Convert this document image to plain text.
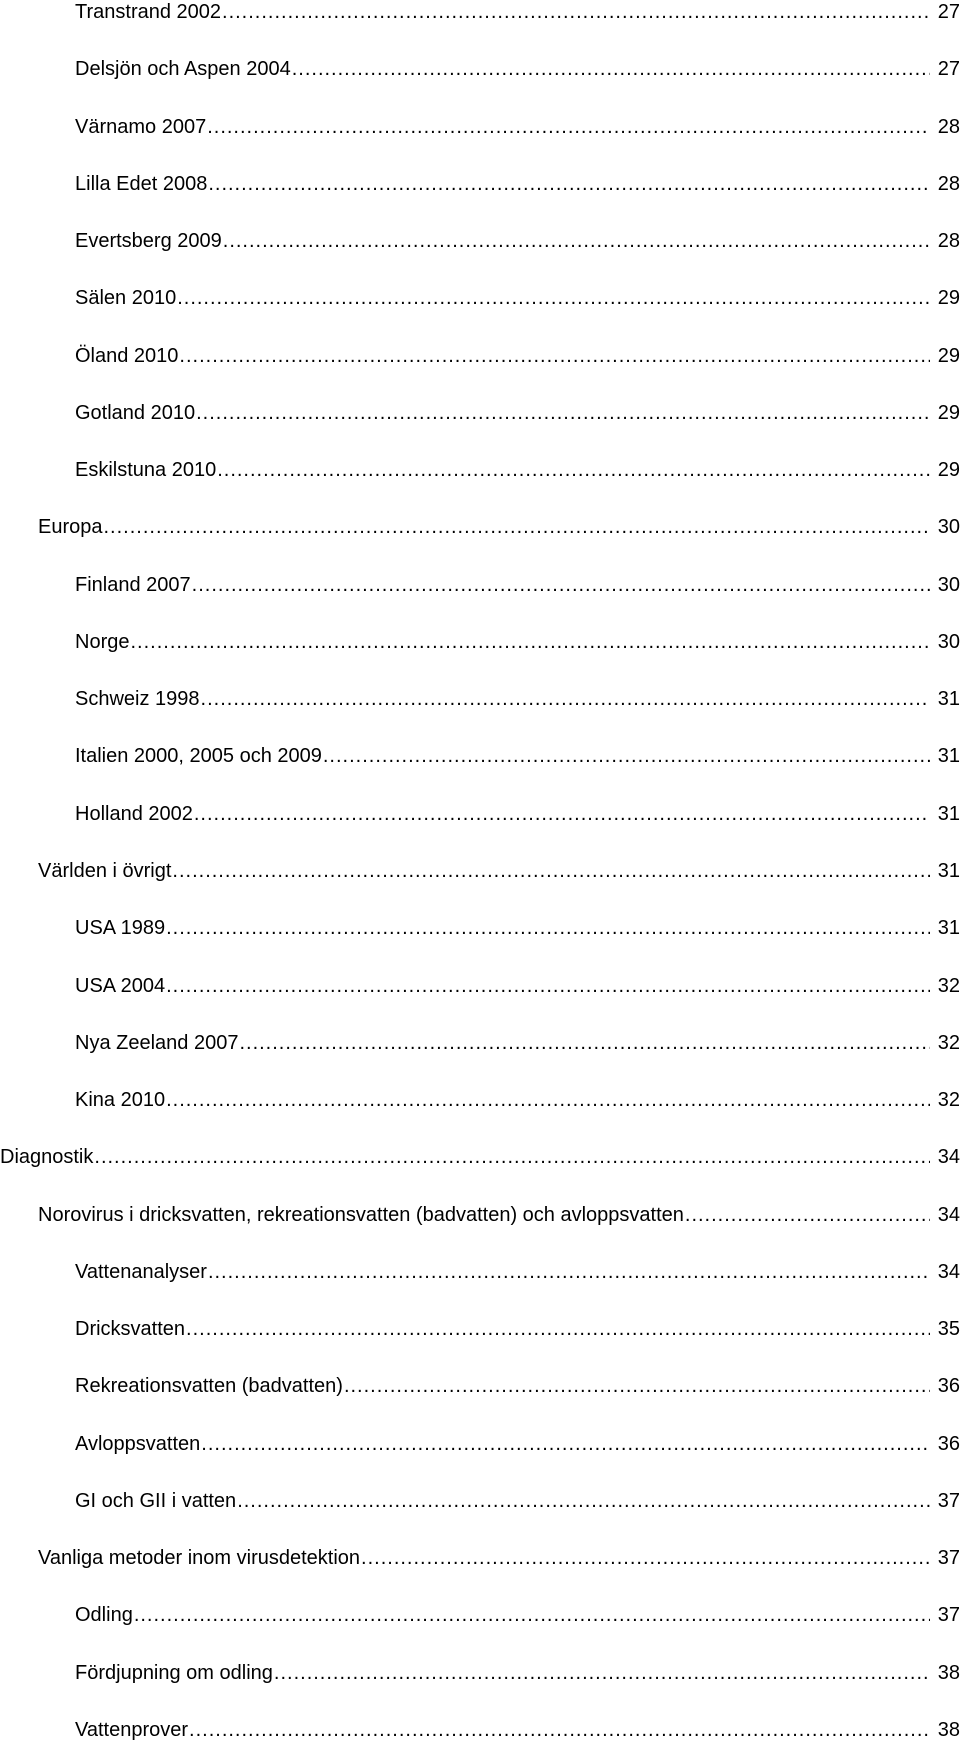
Transtrand 2002 .....	27
Delsjön och Aspen 2004 .....	27
Värnamo 2007 .....	28
Lilla Edet 2008 .....	28
Evertsberg 2009 .....	28
Sälen 2010 .....	29
Öland 2010 .....	29
Gotland 2010 .....	29
Eskilstuna 2010 .....	29
Europa .....	30
Finland 2007 .....	30
Norge .....	30
Schweiz 1998 .....	31
Italien 2000, 2005 och 2009 .....	31
Holland 2002 .....	31
Världen i övrigt .....	31
USA 1989 .....	31
USA 2004 .....	32
Nya Zeeland 2007 .....	32
Kina 2010 .....	32
Diagnostik .....	34
Norovirus i dricksvatten, rekreationsvatten (badvatten) och avloppsvatten .....	34
Vattenanalyser .....	34
Dricksvatten .....	35
Rekreationsvatten (badvatten) .....	36
Avloppsvatten .....	36
GI och GII i vatten .....	37
Vanliga metoder inom virusdetektion .....	37
Odling .....	37
Fördjupning om odling .....	38
Vattenprover .....	38
